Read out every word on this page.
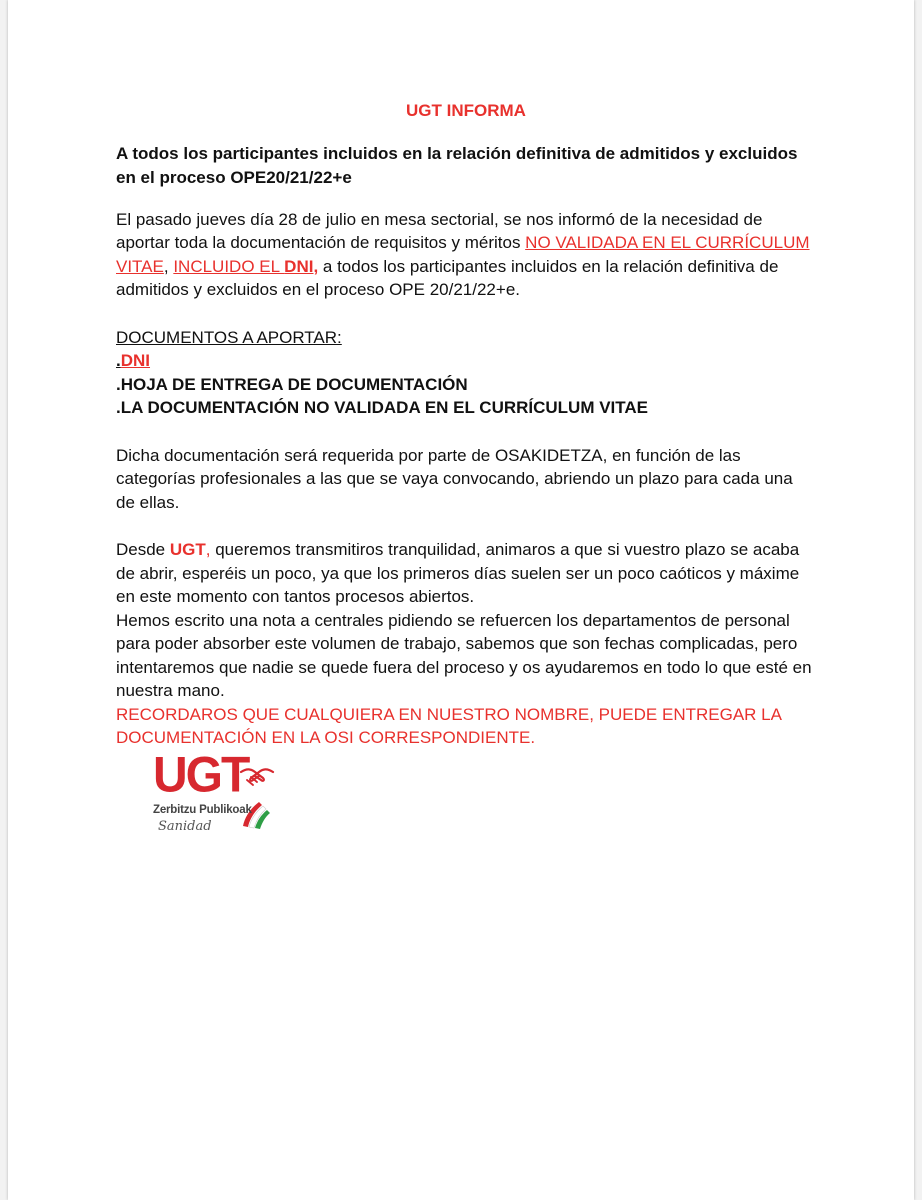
UGT INFORMA

A todos los participantes incluidos en la relación definitiva de admitidos y excluidos en el proceso OPE20/21/22+e

El pasado jueves día 28 de julio en mesa sectorial, se nos informó de la necesidad de aportar toda la documentación de requisitos y méritos NO VALIDADA EN EL CURRÍCULUM VITAE, INCLUIDO EL DNI, a todos los participantes incluidos en la relación definitiva de admitidos y excluidos en el proceso OPE 20/21/22+e.

DOCUMENTOS A APORTAR:

.DNI

.HOJA DE ENTREGA DE DOCUMENTACIÓN

.LA DOCUMENTACIÓN NO VALIDADA EN EL CURRÍCULUM VITAE

Dicha documentación será requerida por parte de OSAKIDETZA, en función de las categorías profesionales a las que se vaya convocando, abriendo un plazo para cada una de ellas.

Desde UGT, queremos transmitiros tranquilidad, animaros a que si vuestro plazo se acaba de abrir, esperéis un poco, ya que los primeros días suelen ser un poco caóticos y máxime en este momento con tantos procesos abiertos.

Hemos escrito una nota a centrales pidiendo se refuercen los departamentos de personal para poder absorber este volumen de trabajo, sabemos que son fechas complicadas, pero intentaremos que nadie se quede fuera del proceso y os ayudaremos en todo lo que esté en nuestra mano.

RECORDAROS QUE CUALQUIERA EN NUESTRO NOMBRE, PUEDE ENTREGAR LA DOCUMENTACIÓN EN LA OSI CORRESPONDIENTE.

UGT
Zerbitzu Publikoak
Sanidad
